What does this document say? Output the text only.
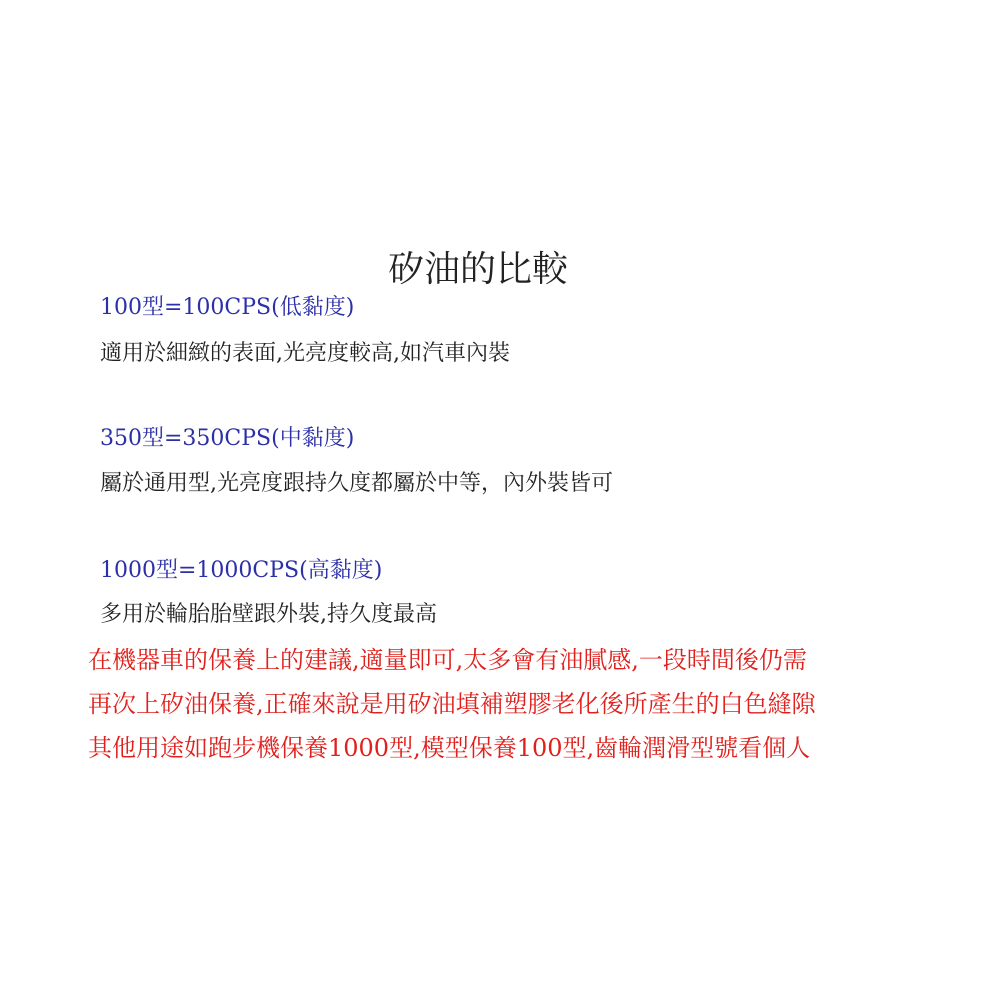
矽油的比較
100型=100CPS(低黏度)
適用於細緻的表面,光亮度較高,如汽車內裝
350型=350CPS(中黏度)
屬於通用型,光亮度跟持久度都屬於中等，內外裝皆可
1000型=1000CPS(高黏度)
多用於輪胎胎壁跟外裝,持久度最高
在機器車的保養上的建議,適量即可,太多會有油膩感,一段時間後仍需
再次上矽油保養,正確來說是用矽油填補塑膠老化後所產生的白色縫隙
其他用途如跑步機保養1000型,模型保養100型,齒輪潤滑型號看個人
